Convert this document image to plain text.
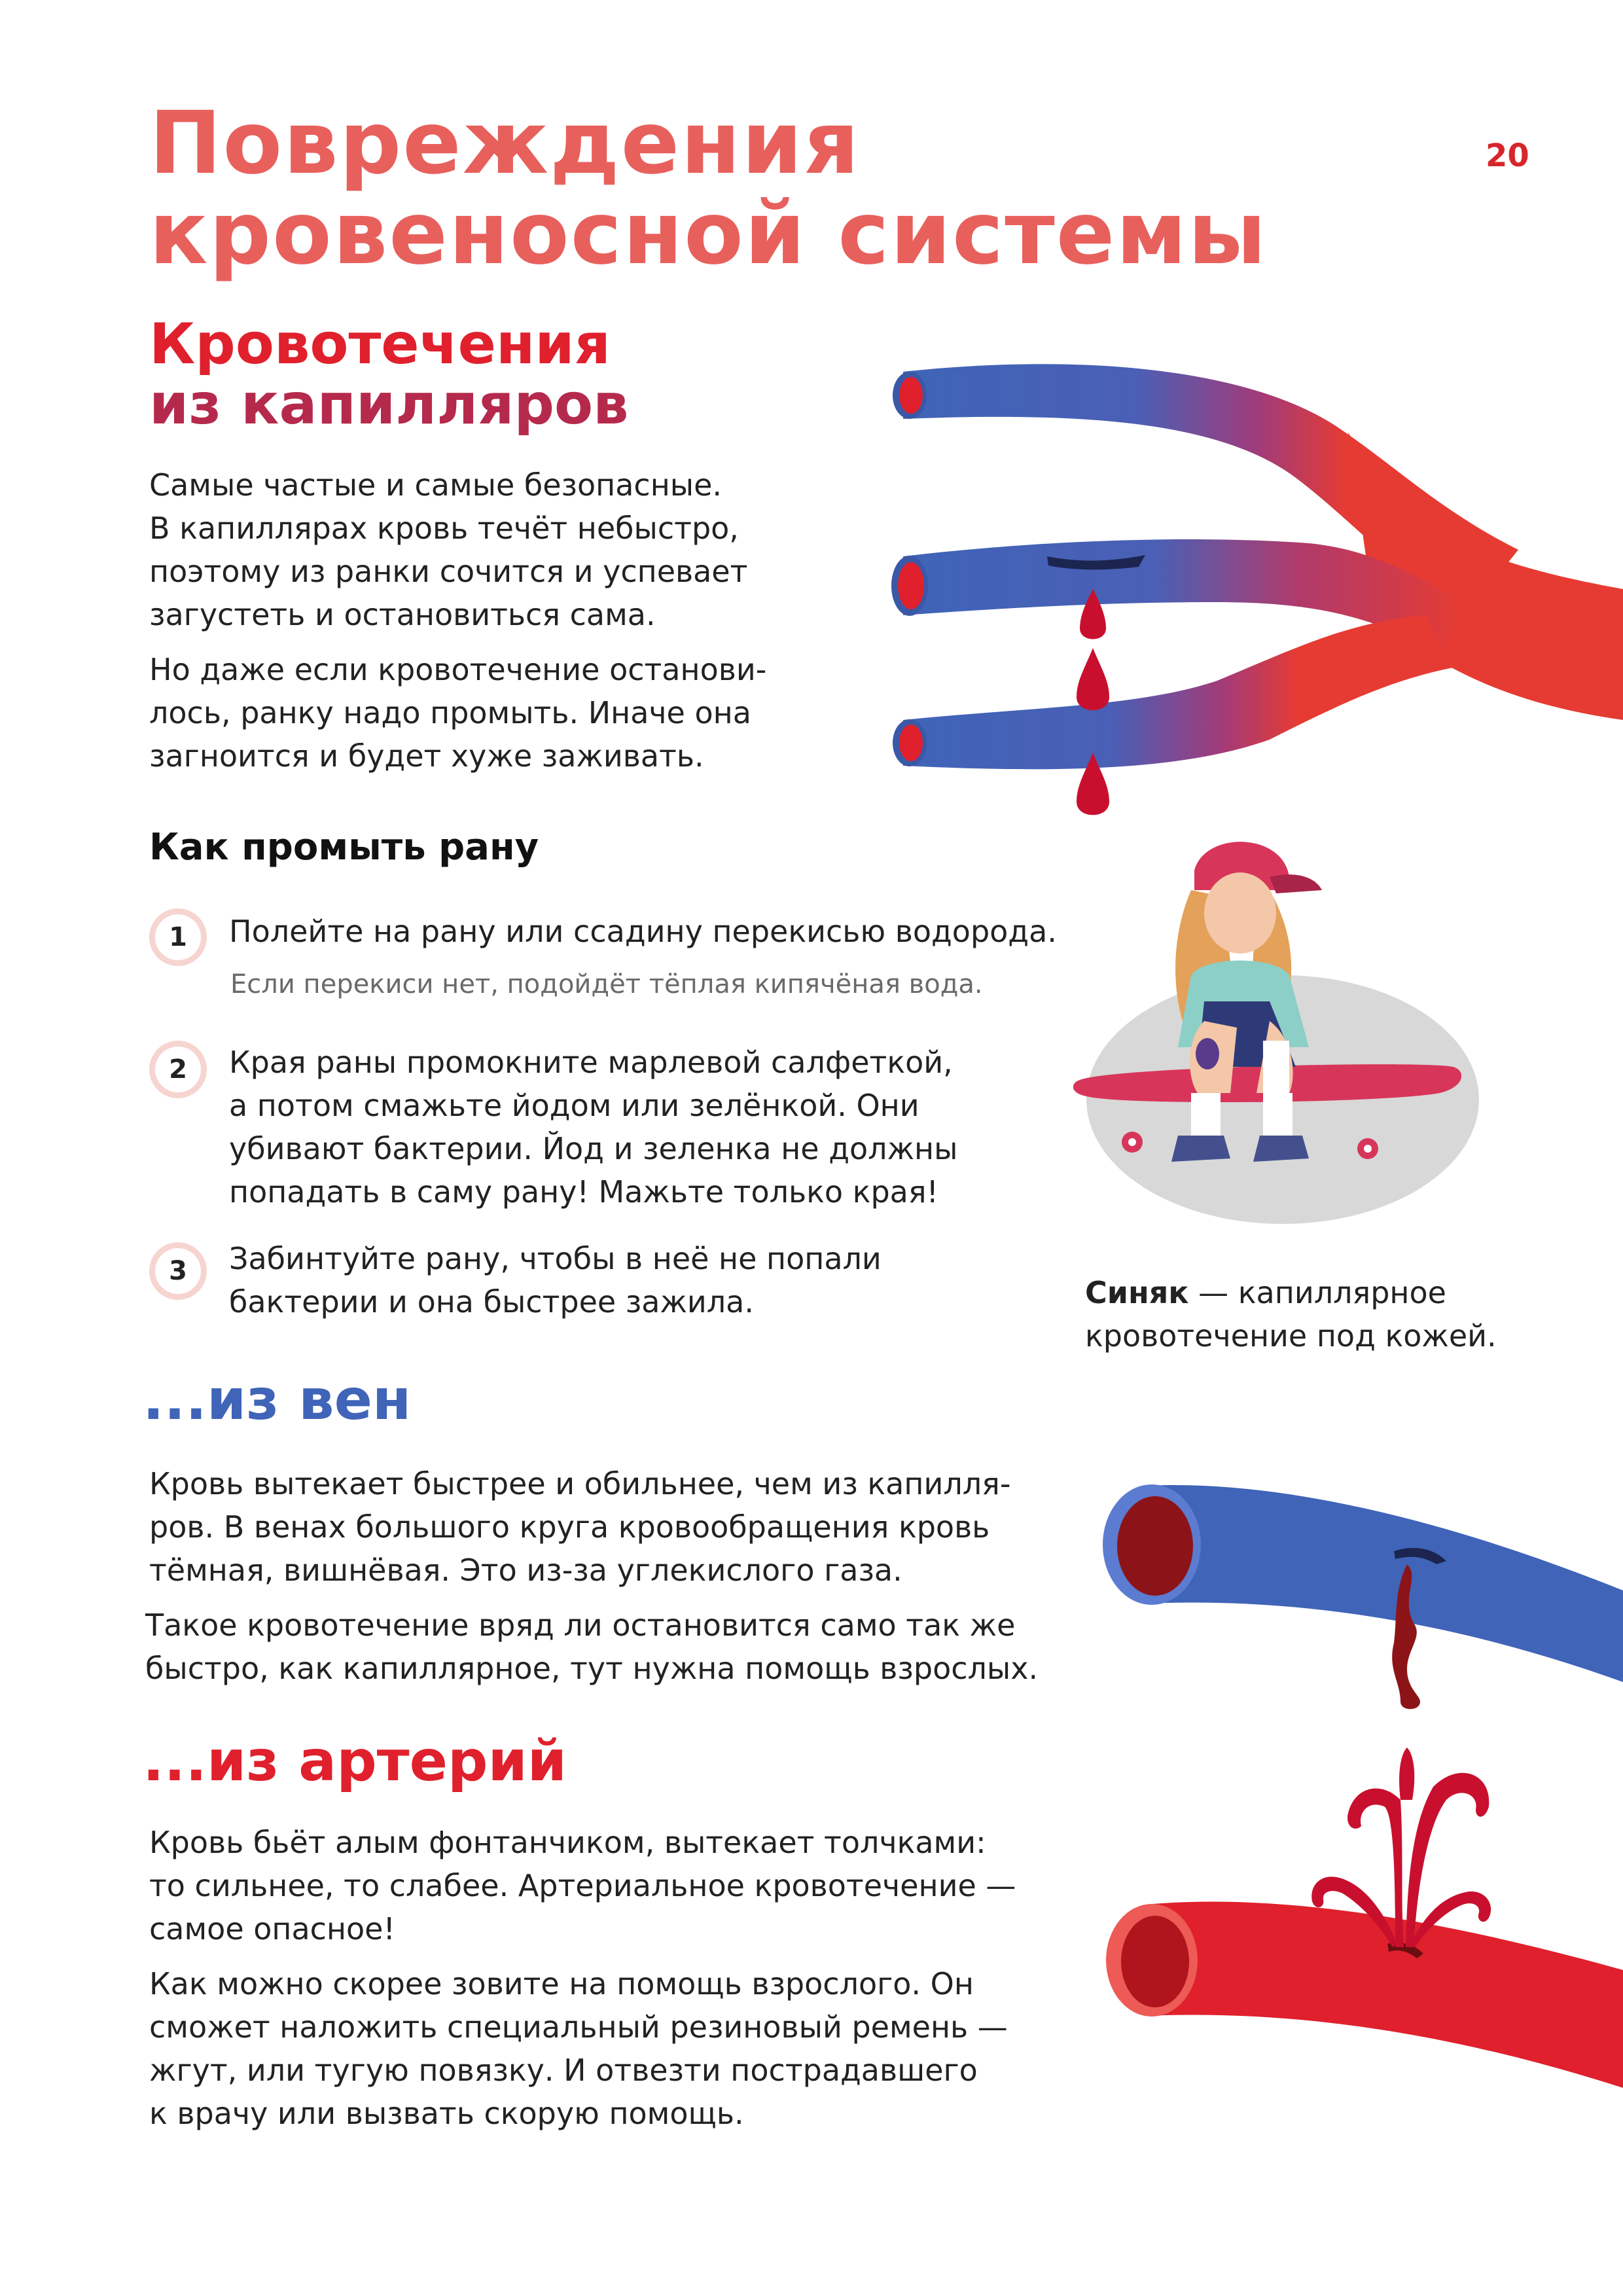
Повреждения
кровеносной системы
20
Кровотечения
из капилляров
Самые частые и самые безопасные.
В капиллярах кровь течёт небыстро,
поэтому из ранки сочится и успевает
загустеть и остановиться сама.
Но даже если кровотечение останови-
лось, ранку надо промыть. Иначе она
загноится и будет хуже заживать.
Как промыть рану
1	Полейте на рану или ссадину перекисью водорода.
Если перекиси нет, подойдёт тёплая кипячёная вода.
2	Края раны промокните марлевой салфеткой,
а потом смажьте йодом или зелёнкой. Они
убивают бактерии. Йод и зеленка не должны
попадать в саму рану! Мажьте только края!
3	Забинтуйте рану, чтобы в неё не попали
бактерии и она быстрее зажила.	Синяк — капиллярное
кровотечение под кожей.
...из вен
Кровь вытекает быстрее и обильнее, чем из капилля-
ров. В венах большого круга кровообращения кровь
тёмная, вишнёвая. Это из-за углекислого газа.
Такое кровотечение вряд ли остановится само так же
быстро, как капиллярное, тут нужна помощь взрослых.
...из артерий
Кровь бьёт алым фонтанчиком, вытекает толчками:
то сильнее, то слабее. Артериальное кровотечение —
самое опасное!
Как можно скорее зовите на помощь взрослого. Он
сможет наложить специальный резиновый ремень —
жгут, или тугую повязку. И отвезти пострадавшего
к врачу или вызвать скорую помощь.
